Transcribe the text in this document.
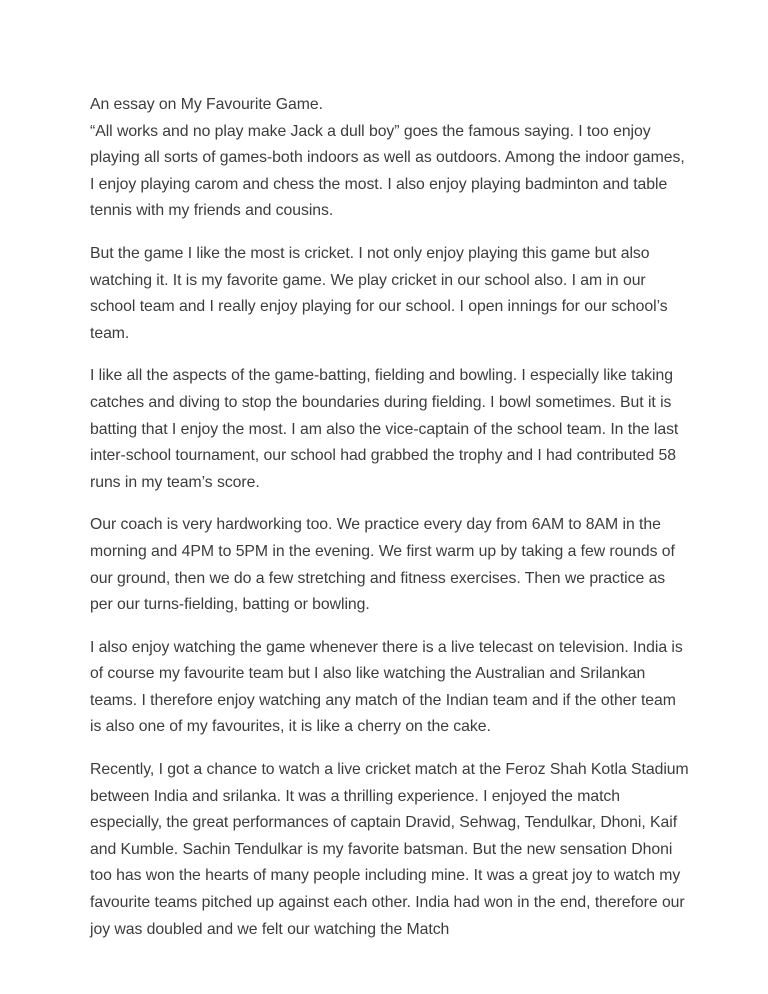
An essay on My Favourite Game.
“All works and no play make Jack a dull boy” goes the famous saying. I too enjoy playing all sorts of games-both indoors as well as outdoors. Among the indoor games, I enjoy playing carom and chess the most. I also enjoy playing badminton and table tennis with my friends and cousins.

But the game I like the most is cricket. I not only enjoy playing this game but also watching it. It is my favorite game. We play cricket in our school also. I am in our school team and I really enjoy playing for our school. I open innings for our school’s team.

I like all the aspects of the game-batting, fielding and bowling. I especially like taking catches and diving to stop the boundaries during fielding. I bowl sometimes. But it is batting that I enjoy the most. I am also the vice-captain of the school team. In the last inter-school tournament, our school had grabbed the trophy and I had contributed 58 runs in my team’s score.

Our coach is very hardworking too. We practice every day from 6AM to 8AM in the morning and 4PM to 5PM in the evening. We first warm up by taking a few rounds of our ground, then we do a few stretching and fitness exercises. Then we practice as per our turns-fielding, batting or bowling.

I also enjoy watching the game whenever there is a live telecast on television. India is of course my favourite team but I also like watching the Australian and Srilankan teams. I therefore enjoy watching any match of the Indian team and if the other team is also one of my favourites, it is like a cherry on the cake.

Recently, I got a chance to watch a live cricket match at the Feroz Shah Kotla Stadium between India and srilanka. It was a thrilling experience. I enjoyed the match especially, the great performances of captain Dravid, Sehwag, Tendulkar, Dhoni, Kaif and Kumble. Sachin Tendulkar is my favorite batsman. But the new sensation Dhoni too has won the hearts of many people including mine. It was a great joy to watch my favourite teams pitched up against each other. India had won in the end, therefore our joy was doubled and we felt our watching the Match
